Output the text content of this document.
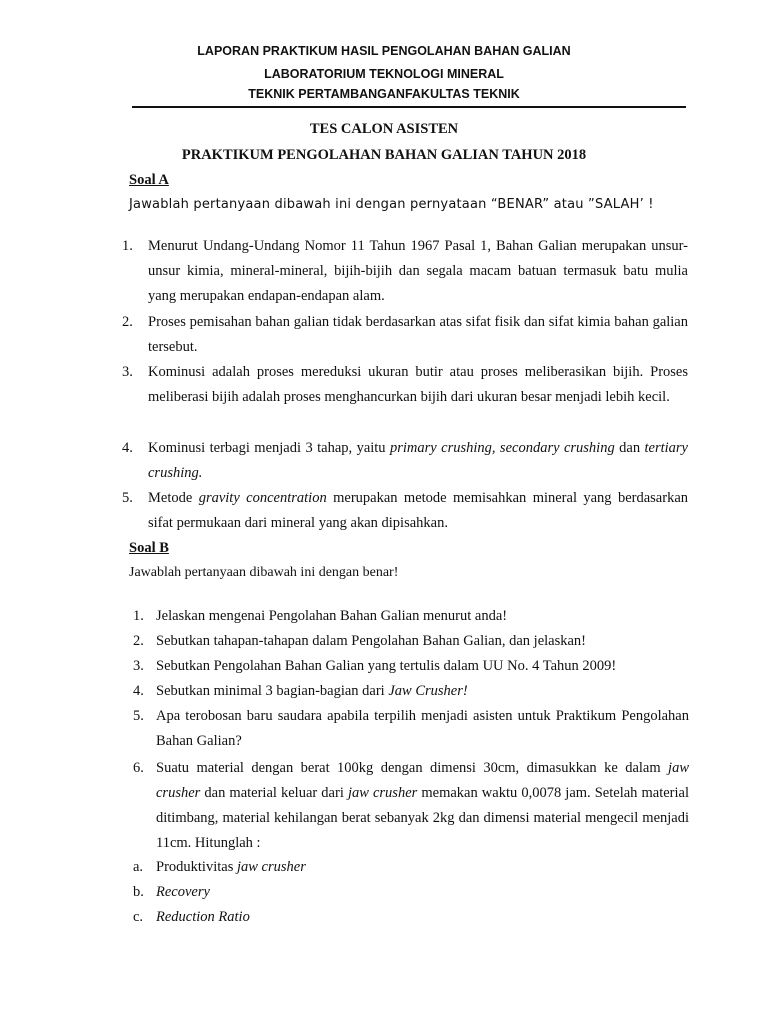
LAPORAN PRAKTIKUM HASIL PENGOLAHAN BAHAN GALIAN
LABORATORIUM TEKNOLOGI MINERAL
TEKNIK PERTAMBANGANFAKULTAS TEKNIK
TES CALON ASISTEN
PRAKTIKUM PENGOLAHAN BAHAN GALIAN TAHUN 2018
Soal A
Jawablah pertanyaan dibawah ini dengan pernyataan “BENAR” atau ”SALAH’ !
1. Menurut Undang-Undang Nomor 11 Tahun 1967 Pasal 1, Bahan Galian merupakan unsur-unsur kimia, mineral-mineral, bijih-bijih dan segala macam batuan termasuk batu mulia yang merupakan endapan-endapan alam.
2. Proses pemisahan bahan galian tidak berdasarkan atas sifat fisik dan sifat kimia bahan galian tersebut.
3. Kominusi adalah proses mereduksi ukuran butir atau proses meliberasikan bijih. Proses meliberasi bijih adalah proses menghancurkan bijih dari ukuran besar menjadi lebih kecil.
4. Kominusi terbagi menjadi 3 tahap, yaitu primary crushing, secondary crushing dan tertiary crushing.
5. Metode gravity concentration merupakan metode memisahkan mineral yang berdasarkan sifat permukaan dari mineral yang akan dipisahkan.
Soal B
Jawablah pertanyaan dibawah ini dengan benar!
1. Jelaskan mengenai Pengolahan Bahan Galian menurut anda!
2. Sebutkan tahapan-tahapan dalam Pengolahan Bahan Galian, dan jelaskan!
3. Sebutkan Pengolahan Bahan Galian yang tertulis dalam UU No. 4 Tahun 2009!
4. Sebutkan minimal 3 bagian-bagian dari Jaw Crusher!
5. Apa terobosan baru saudara apabila terpilih menjadi asisten untuk Praktikum Pengolahan Bahan Galian?
6. Suatu material dengan berat 100kg dengan dimensi 30cm, dimasukkan ke dalam jaw crusher dan material keluar dari jaw crusher memakan waktu 0,0078 jam. Setelah material ditimbang, material kehilangan berat sebanyak 2kg dan dimensi material mengecil menjadi 11cm. Hitunglah :
a. Produktivitas jaw crusher
b. Recovery
c. Reduction Ratio
